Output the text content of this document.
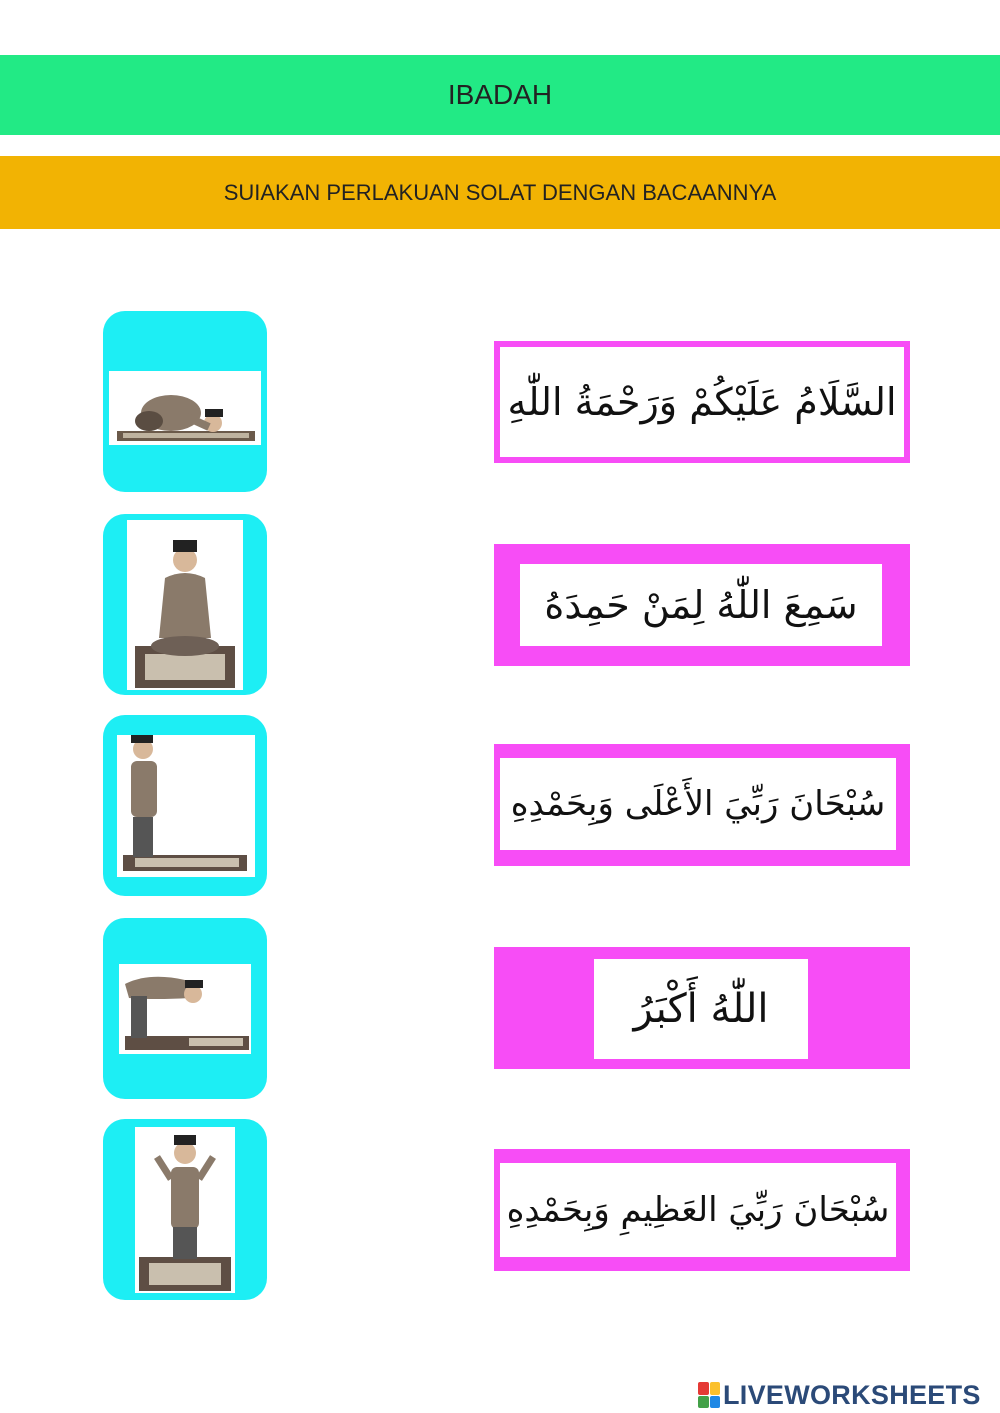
IBADAH
SUIAKAN PERLAKUAN SOLAT DENGAN BACAANNYA
السَّلَامُ عَلَيْكُمْ وَرَحْمَةُ اللّٰهِ
سَمِعَ اللّٰهُ لِمَنْ حَمِدَهُ
سُبْحَانَ رَبِّيَ الأَعْلَى وَبِحَمْدِهِ
اللّٰهُ أَكْبَرُ
سُبْحَانَ رَبِّيَ العَظِيمِ وَبِحَمْدِهِ
LIVEWORKSHEETS
